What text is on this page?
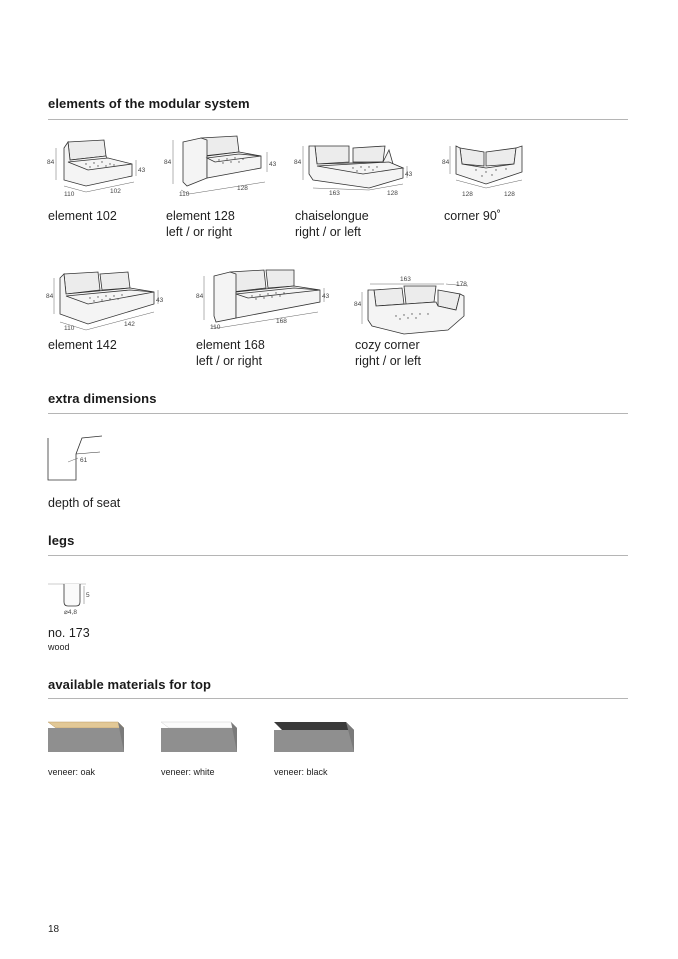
elements of the modular system
84
43
110	102
element 102
84	43
110
128
element 128
left / or right
84
43
163	128
chaiselongue
right / or left
84
128	128
corner 90˚
84
43
110
142
element 142
84	43
110
168
element 168
left / or right
163
178
84
cozy corner
right / or left
extra dimensions
61
depth of seat
legs
5
⌀4,8
no. 173
wood
available materials for top
veneer: oak	veneer: white	veneer: black
18
